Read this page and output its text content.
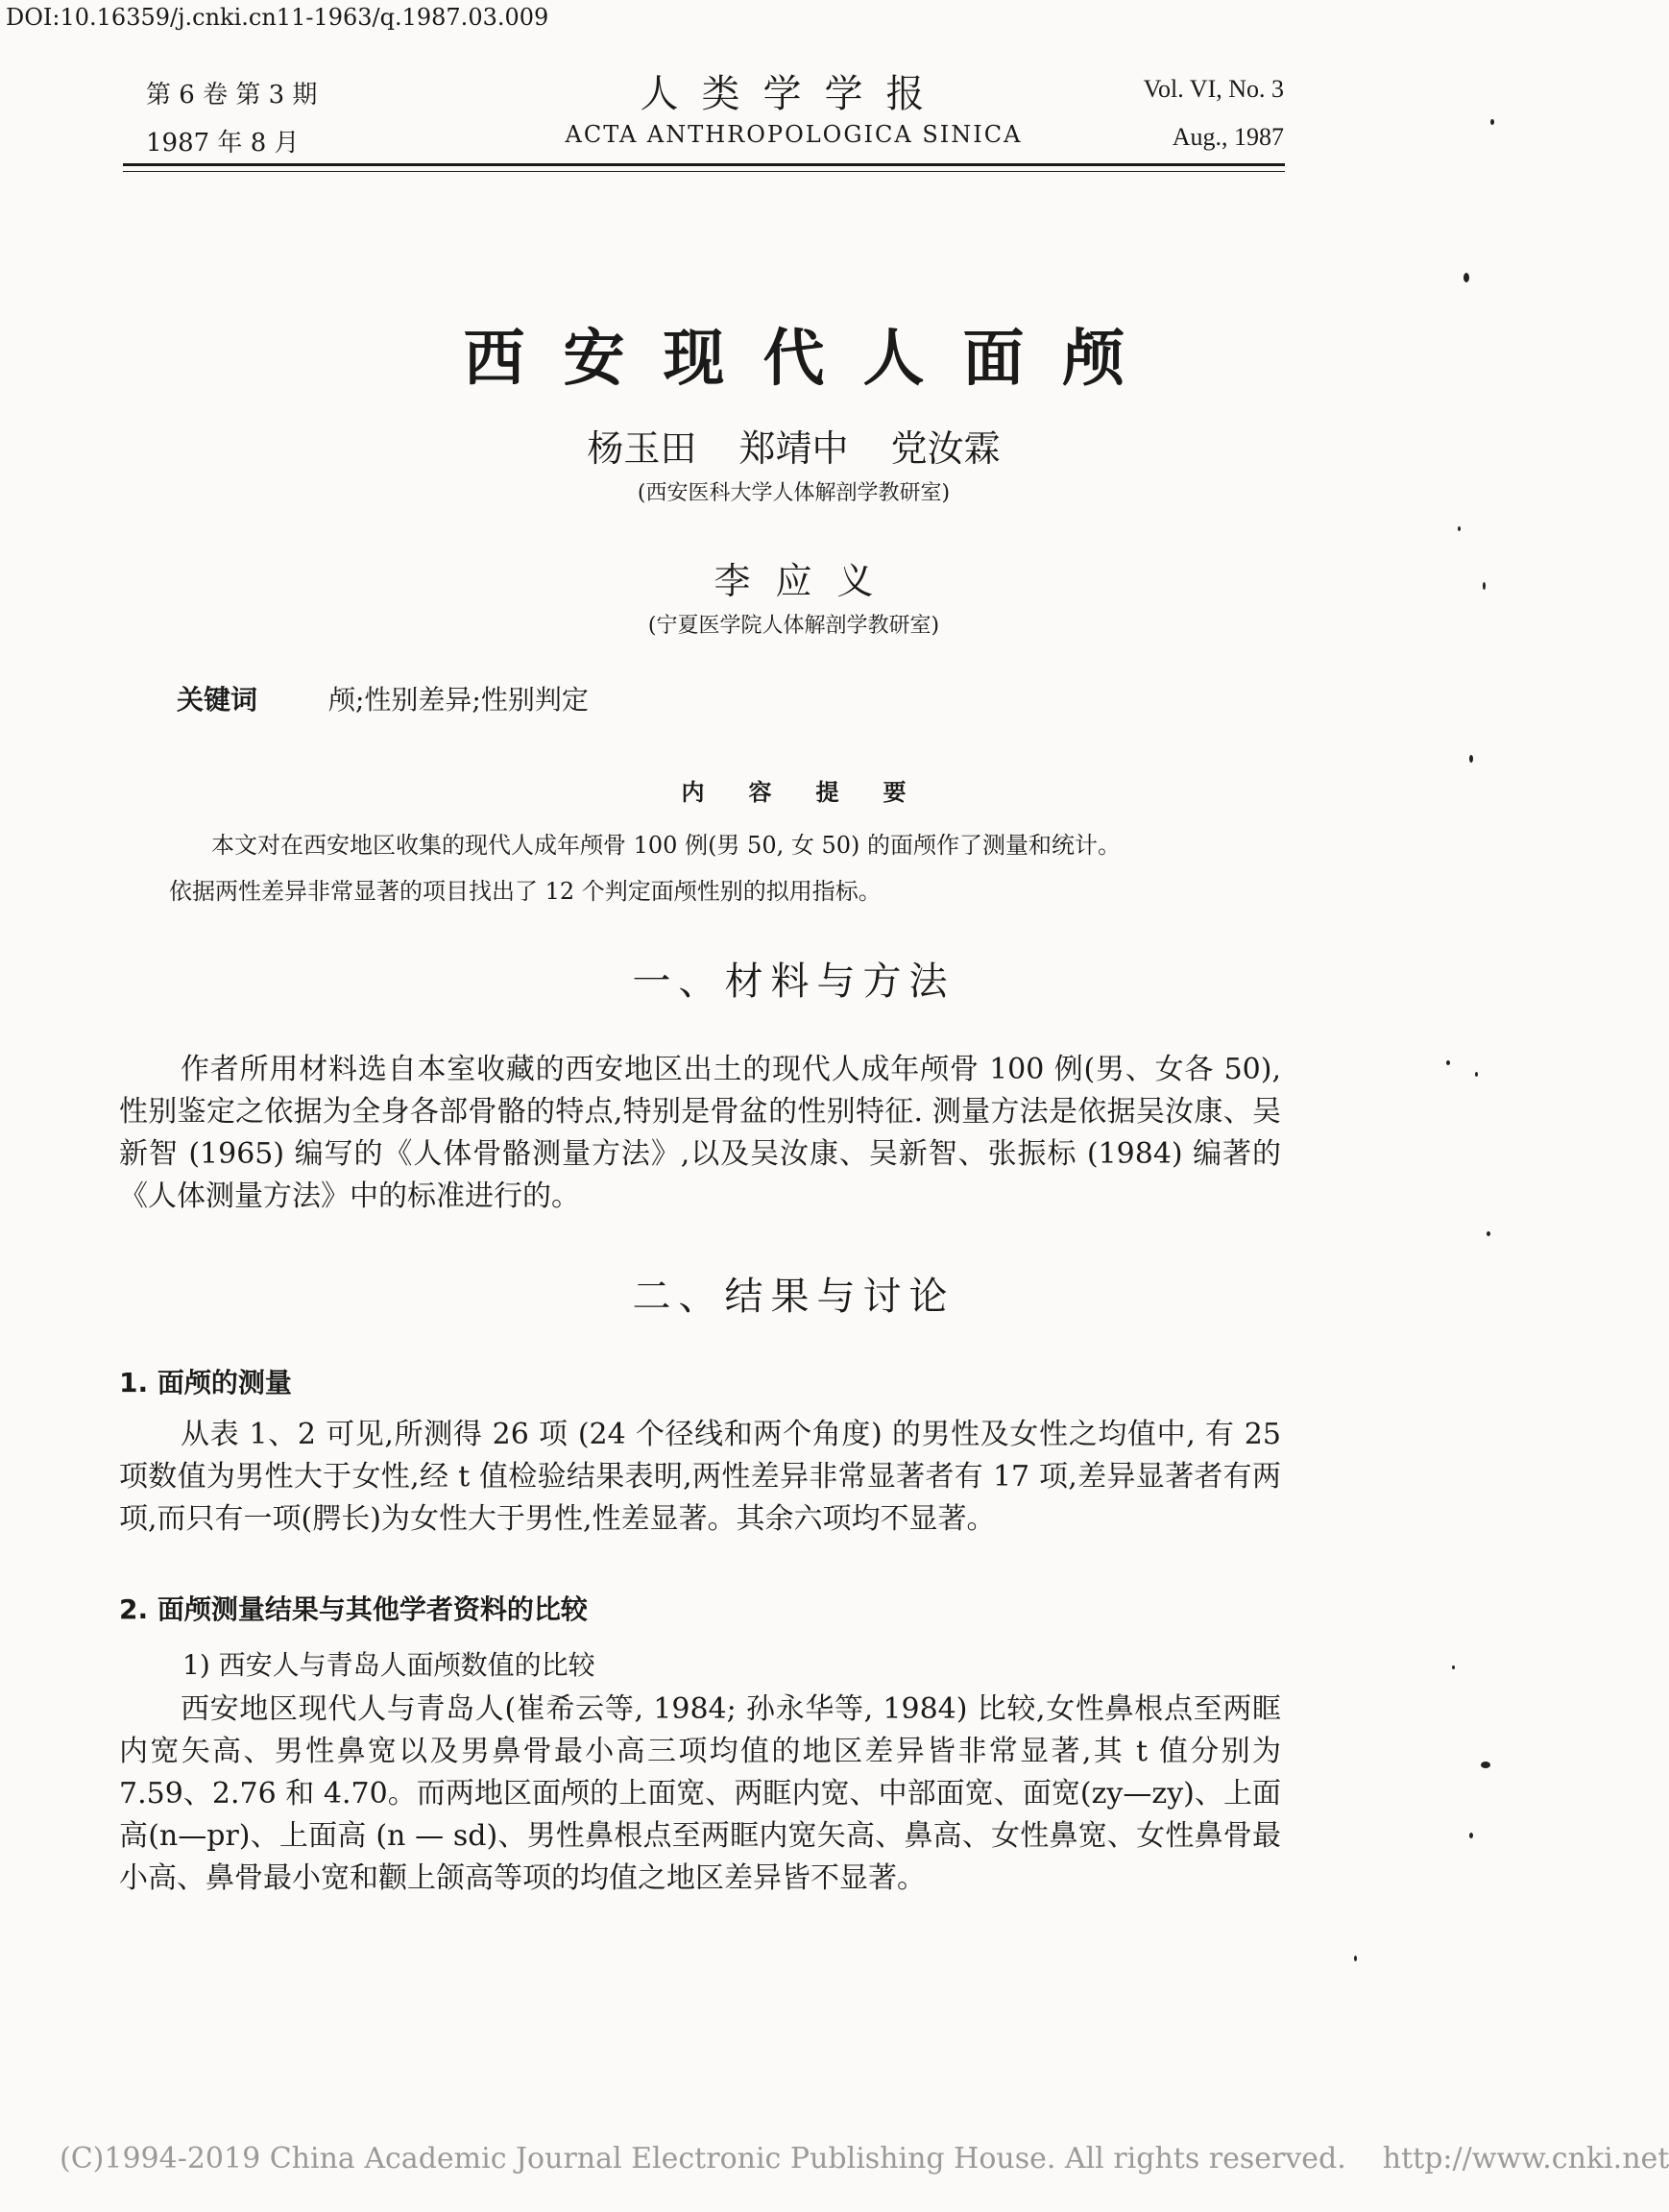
DOI:10.16359/j.cnki.cn11-1963/q.1987.03.009
第 6 卷 第 3 期
1987 年 8 月
人类学学报
ACTA ANTHROPOLOGICA SINICA
Vol. VI, No. 3
Aug., 1987
西安现代人面颅
杨玉田 郑靖中 党汝霖
(西安医科大学人体解剖学教研室)
李应义
(宁夏医学院人体解剖学教研室)
关键词	颅;性别差异;性别判定
内容提要
本文对在西安地区收集的现代人成年颅骨 100 例(男 50, 女 50) 的面颅作了测量和统计。
依据两性差异非常显著的项目找出了 12 个判定面颅性别的拟用指标。
一、材料与方法
作者所用材料选自本室收藏的西安地区出土的现代人成年颅骨 100 例(男、女各 50),性别鉴定之依据为全身各部骨骼的特点,特别是骨盆的性别特征. 测量方法是依据吴汝康、吴新智 (1965) 编写的《人体骨骼测量方法》,以及吴汝康、吴新智、张振标 (1984) 编著的《人体测量方法》中的标准进行的。
二、结果与讨论
1. 面颅的测量
从表 1、2 可见,所测得 26 项 (24 个径线和两个角度) 的男性及女性之均值中, 有 25 项数值为男性大于女性,经 t 值检验结果表明,两性差异非常显著者有 17 项,差异显著者有两项,而只有一项(腭长)为女性大于男性,性差显著。其余六项均不显著。
2. 面颅测量结果与其他学者资料的比较
1) 西安人与青岛人面颅数值的比较
西安地区现代人与青岛人(崔希云等, 1984; 孙永华等, 1984) 比较,女性鼻根点至两眶内宽矢高、男性鼻宽以及男鼻骨最小高三项均值的地区差异皆非常显著,其 t 值分别为 7.59、2.76 和 4.70。而两地区面颅的上面宽、两眶内宽、中部面宽、面宽(zy—zy)、上面高(n—pr)、上面高 (n — sd)、男性鼻根点至两眶内宽矢高、鼻高、女性鼻宽、女性鼻骨最小高、鼻骨最小宽和颧上颌高等项的均值之地区差异皆不显著。
(C)1994-2019 China Academic Journal Electronic Publishing House. All rights reserved. http://www.cnki.net
